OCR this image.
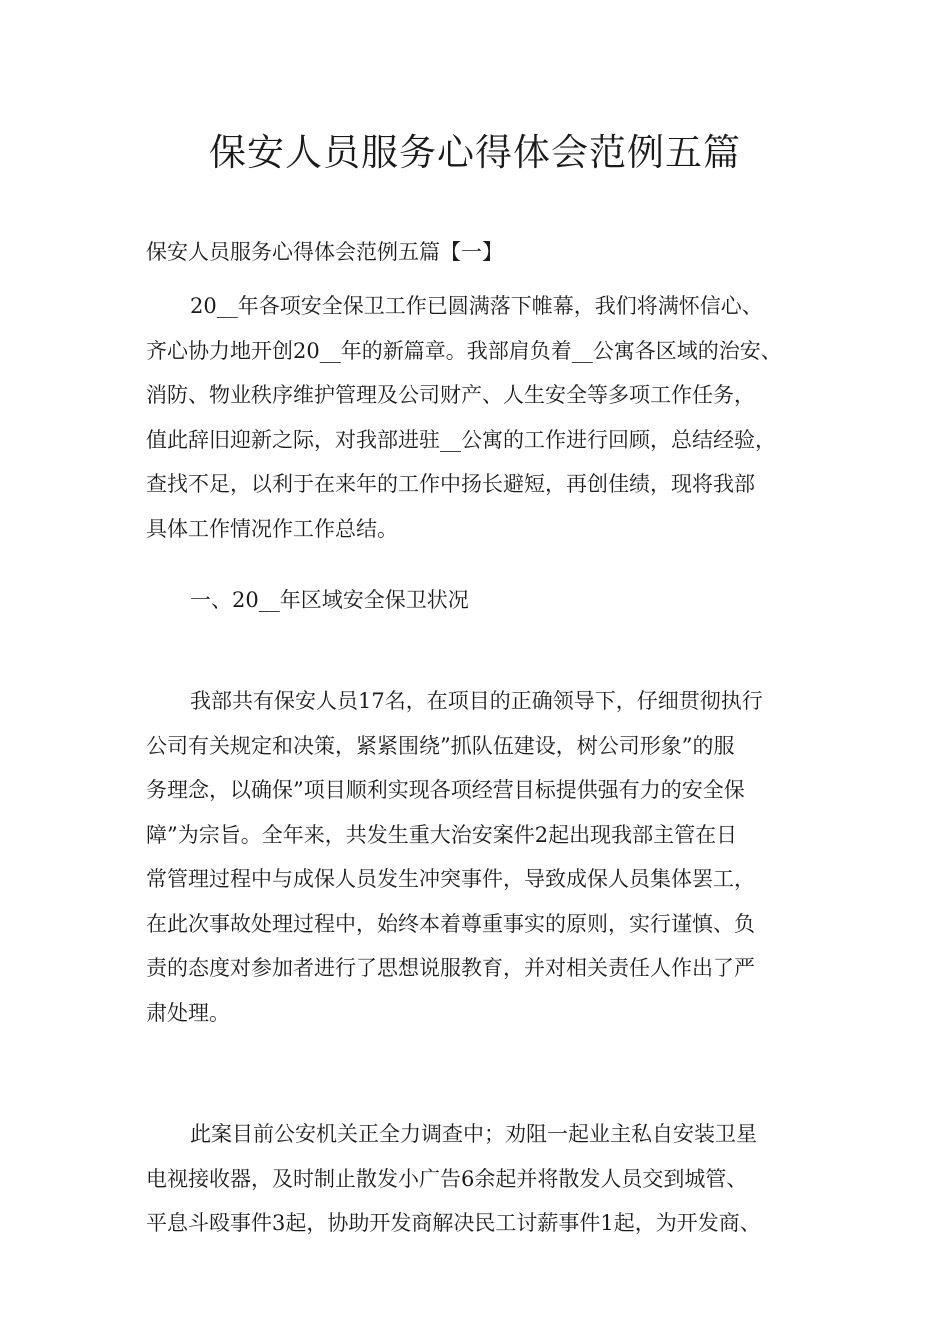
保安人员服务心得体会范例五篇

保安人员服务心得体会范例五篇【一】

20__年各项安全保卫工作已圆满落下帷幕，我们将满怀信心、
齐心协力地开创20__年的新篇章。我部肩负着__公寓各区域的治安、
消防、物业秩序维护管理及公司财产、人生安全等多项工作任务，
值此辞旧迎新之际，对我部进驻__公寓的工作进行回顾，总结经验，
查找不足，以利于在来年的工作中扬长避短，再创佳绩，现将我部
具体工作情况作工作总结。
一、20__年区域安全保卫状况
我部共有保安人员17名，在项目的正确领导下，仔细贯彻执行
公司有关规定和决策，紧紧围绕”抓队伍建设，树公司形象”的服
务理念，以确保”项目顺利实现各项经营目标提供强有力的安全保
障”为宗旨。全年来，共发生重大治安案件2起出现我部主管在日
常管理过程中与成保人员发生冲突事件，导致成保人员集体罢工，
在此次事故处理过程中，始终本着尊重事实的原则，实行谨慎、负
责的态度对参加者进行了思想说服教育，并对相关责任人作出了严
肃处理。
此案目前公安机关正全力调查中；劝阻一起业主私自安装卫星
电视接收器，及时制止散发小广告6余起并将散发人员交到城管、
平息斗殴事件3起，协助开发商解决民工讨薪事件1起，为开发商、
